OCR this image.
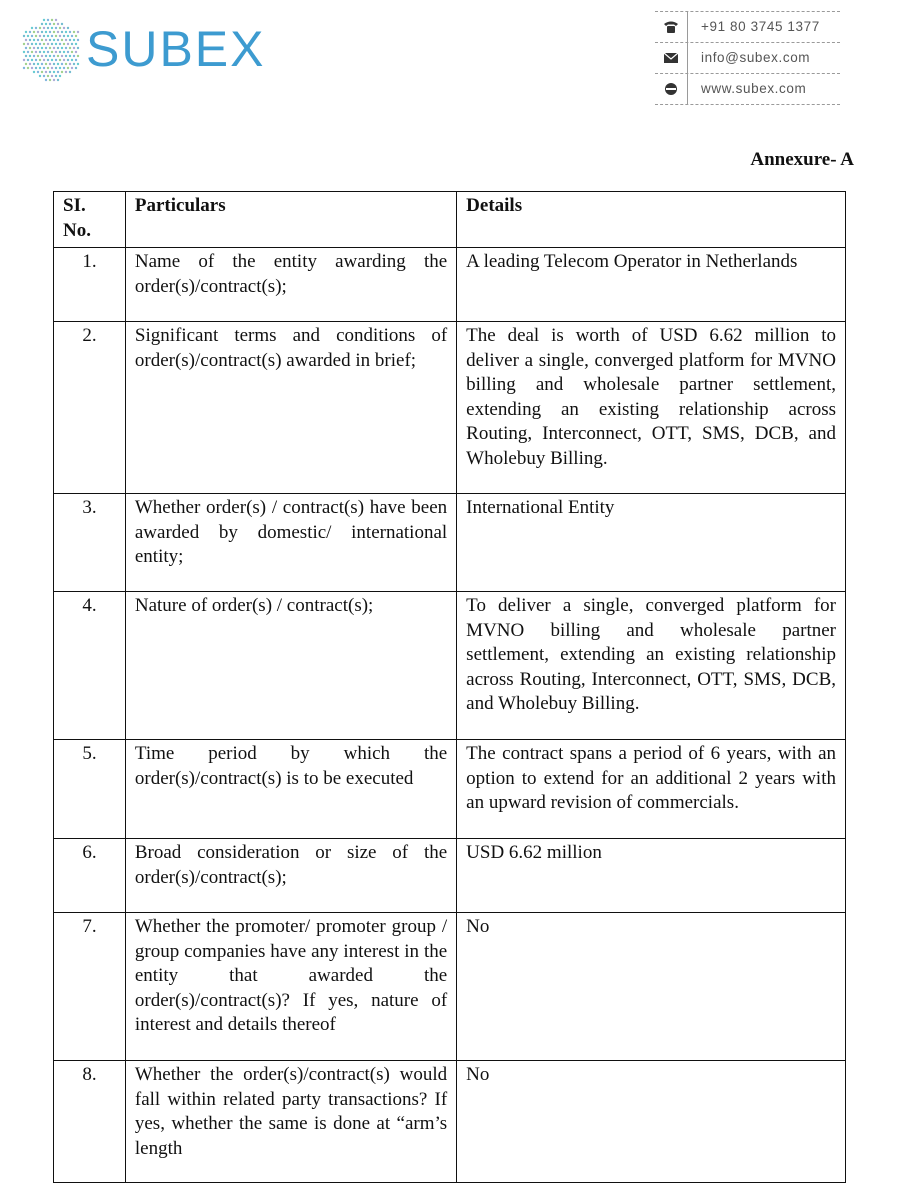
SUBEX	+91 80 3745 1377
info@subex.com
www.subex.com
Annexure- A
SI. No.	Particulars	Details
1.	Name of the entity awarding the order(s)/contract(s);	A leading Telecom Operator in Netherlands
2.	Significant terms and conditions of order(s)/contract(s) awarded in brief;	The deal is worth of USD 6.62 million to deliver a single, converged platform for MVNO billing and wholesale partner settlement, extending an existing relationship across Routing, Interconnect, OTT, SMS, DCB, and Wholebuy Billing.
3.	Whether order(s) / contract(s) have been awarded by domestic/ international entity;	International Entity
4.	Nature of order(s) / contract(s);	To deliver a single, converged platform for MVNO billing and wholesale partner settlement, extending an existing relationship across Routing, Interconnect, OTT, SMS, DCB, and Wholebuy Billing.
5.	Time period by which the order(s)/contract(s) is to be executed	The contract spans a period of 6 years, with an option to extend for an additional 2 years with an upward revision of commercials.
6.	Broad consideration or size of the order(s)/contract(s);	USD 6.62 million
7.	Whether the promoter/ promoter group / group companies have any interest in the entity that awarded the order(s)/contract(s)? If yes, nature of interest and details thereof	No
8.	Whether the order(s)/contract(s) would fall within related party transactions? If yes, whether the same is done at “arm’s length	No
